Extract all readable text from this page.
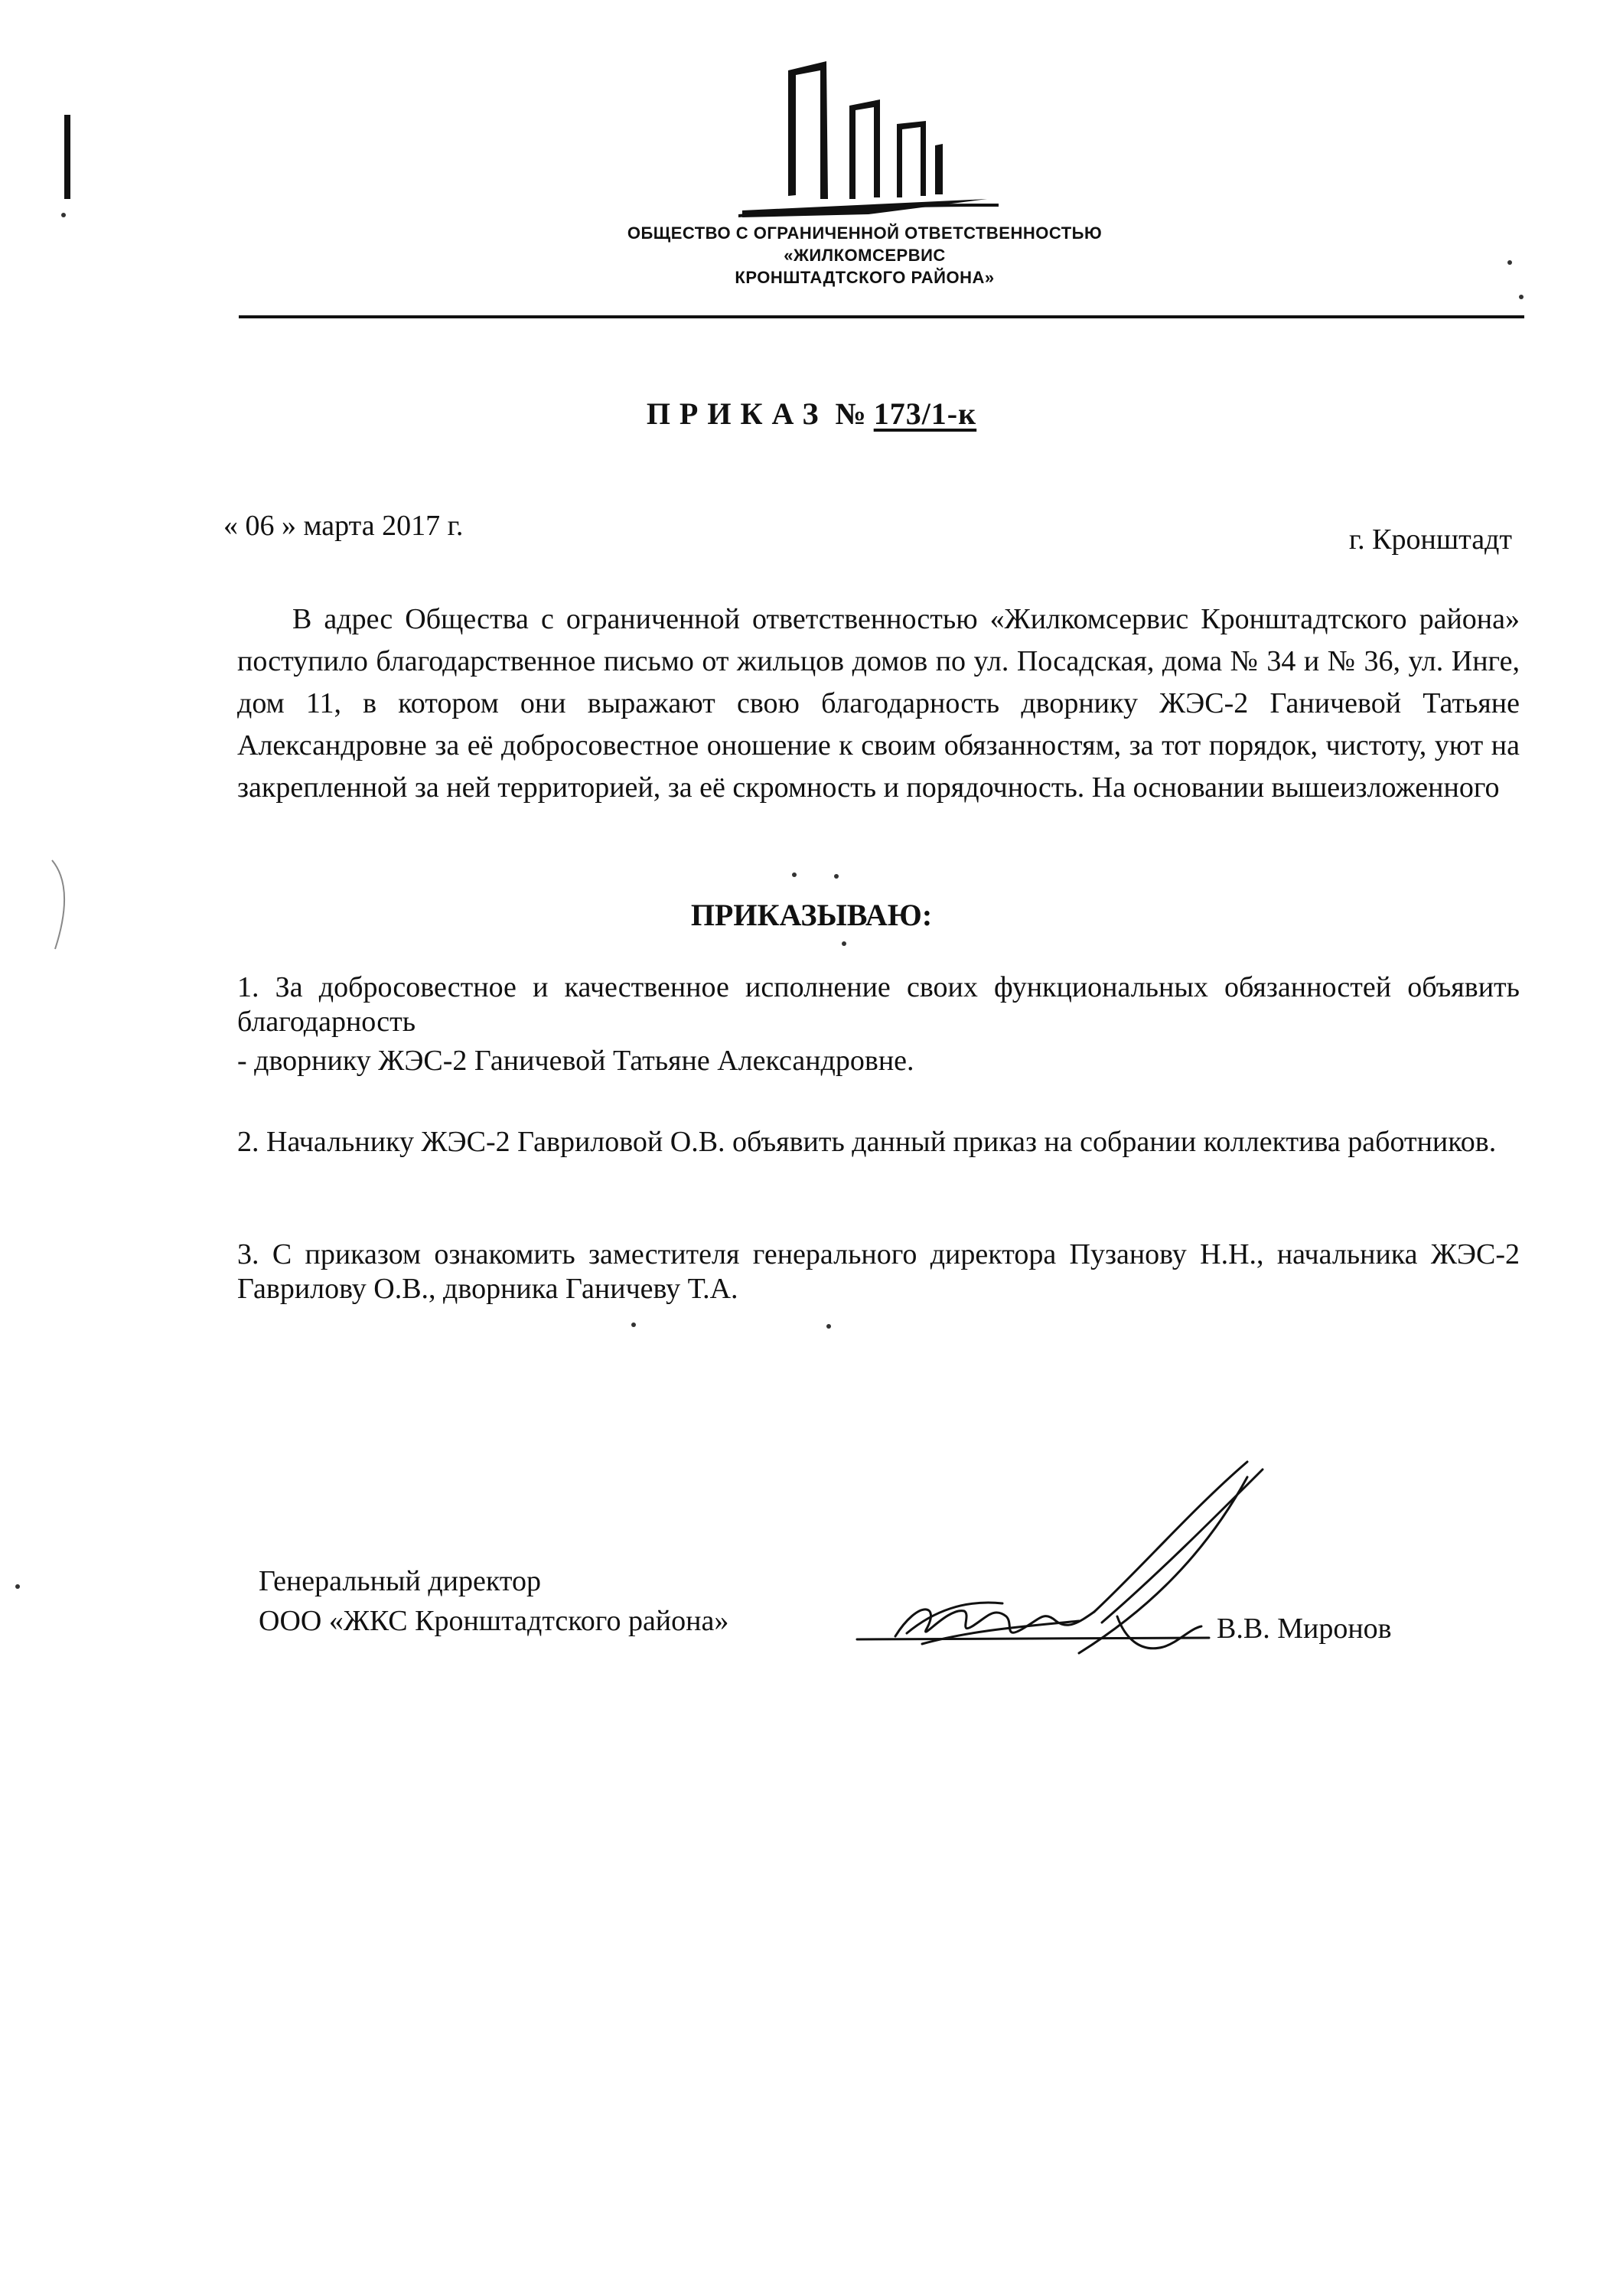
ОБЩЕСТВО С ОГРАНИЧЕННОЙ ОТВЕТСТВЕННОСТЬЮ
«ЖИЛКОМСЕРВИС
КРОНШТАДТСКОГО РАЙОНА»
ПРИКАЗ № 173/1-к
« 06 » марта 2017 г.	г. Кронштадт

В адрес Общества с ограниченной ответственностью «Жилкомсервис Кронштадтского района» поступило благодарственное письмо от жильцов домов по ул. Посадская, дома № 34 и № 36, ул. Инге, дом 11, в котором они выражают свою благодарность дворнику ЖЭС-2 Ганичевой Татьяне Александровне за её добросовестное оношение к своим обязанностям, за тот порядок, чистоту, уют на закрепленной за ней территорией, за её скромность и порядочность. На основании вышеизложенного

ПРИКАЗЫВАЮ:

1. За добросовестное и качественное исполнение своих функциональных обязанностей объявить благодарность

- дворнику ЖЭС-2 Ганичевой Татьяне Александровне.

2. Начальнику ЖЭС-2 Гавриловой О.В. объявить данный приказ на собрании коллектива работников.

3. С приказом ознакомить заместителя генерального директора Пузанову Н.Н., начальника ЖЭС-2 Гаврилову О.В., дворника Ганичеву Т.А.

Генеральный директор
ООО «ЖКС Кронштадтского района»	В.В. Миронов
